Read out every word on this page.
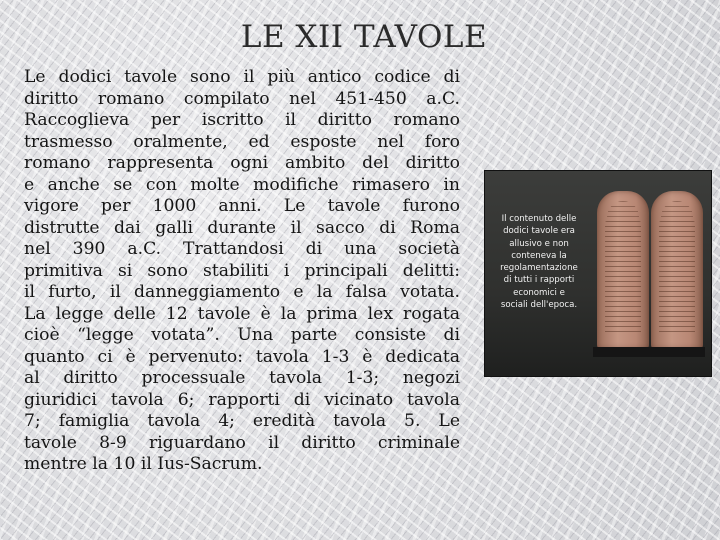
LE XII TAVOLE
Le dodici tavole sono il più antico codice di
diritto romano compilato nel 451-450 a.C.
Raccoglieva per iscritto il diritto romano
trasmesso oralmente, ed esposte nel foro
romano rappresenta ogni ambito del diritto
e anche se con molte modifiche rimasero in
vigore per 1000 anni. Le tavole furono
distrutte dai galli durante il sacco di Roma
nel 390 a.C. Trattandosi di una società
primitiva si sono stabiliti i principali delitti:
il furto, il danneggiamento e la falsa votata.
La legge delle 12 tavole è la prima lex rogata
cioè “legge votata”. Una parte consiste di
quanto ci è pervenuto: tavola 1-3 è dedicata
al diritto processuale tavola 1-3; negozi
giuridici tavola 6; rapporti di vicinato tavola
7; famiglia tavola 4; eredità tavola 5. Le
tavole 8-9 riguardano il diritto criminale
mentre la 10 il Ius-Sacrum.
Il contenuto delle
dodici tavole era
allusivo e non
conteneva la
regolamentazione
di tutti i rapporti
economici e
sociali dell'epoca.
